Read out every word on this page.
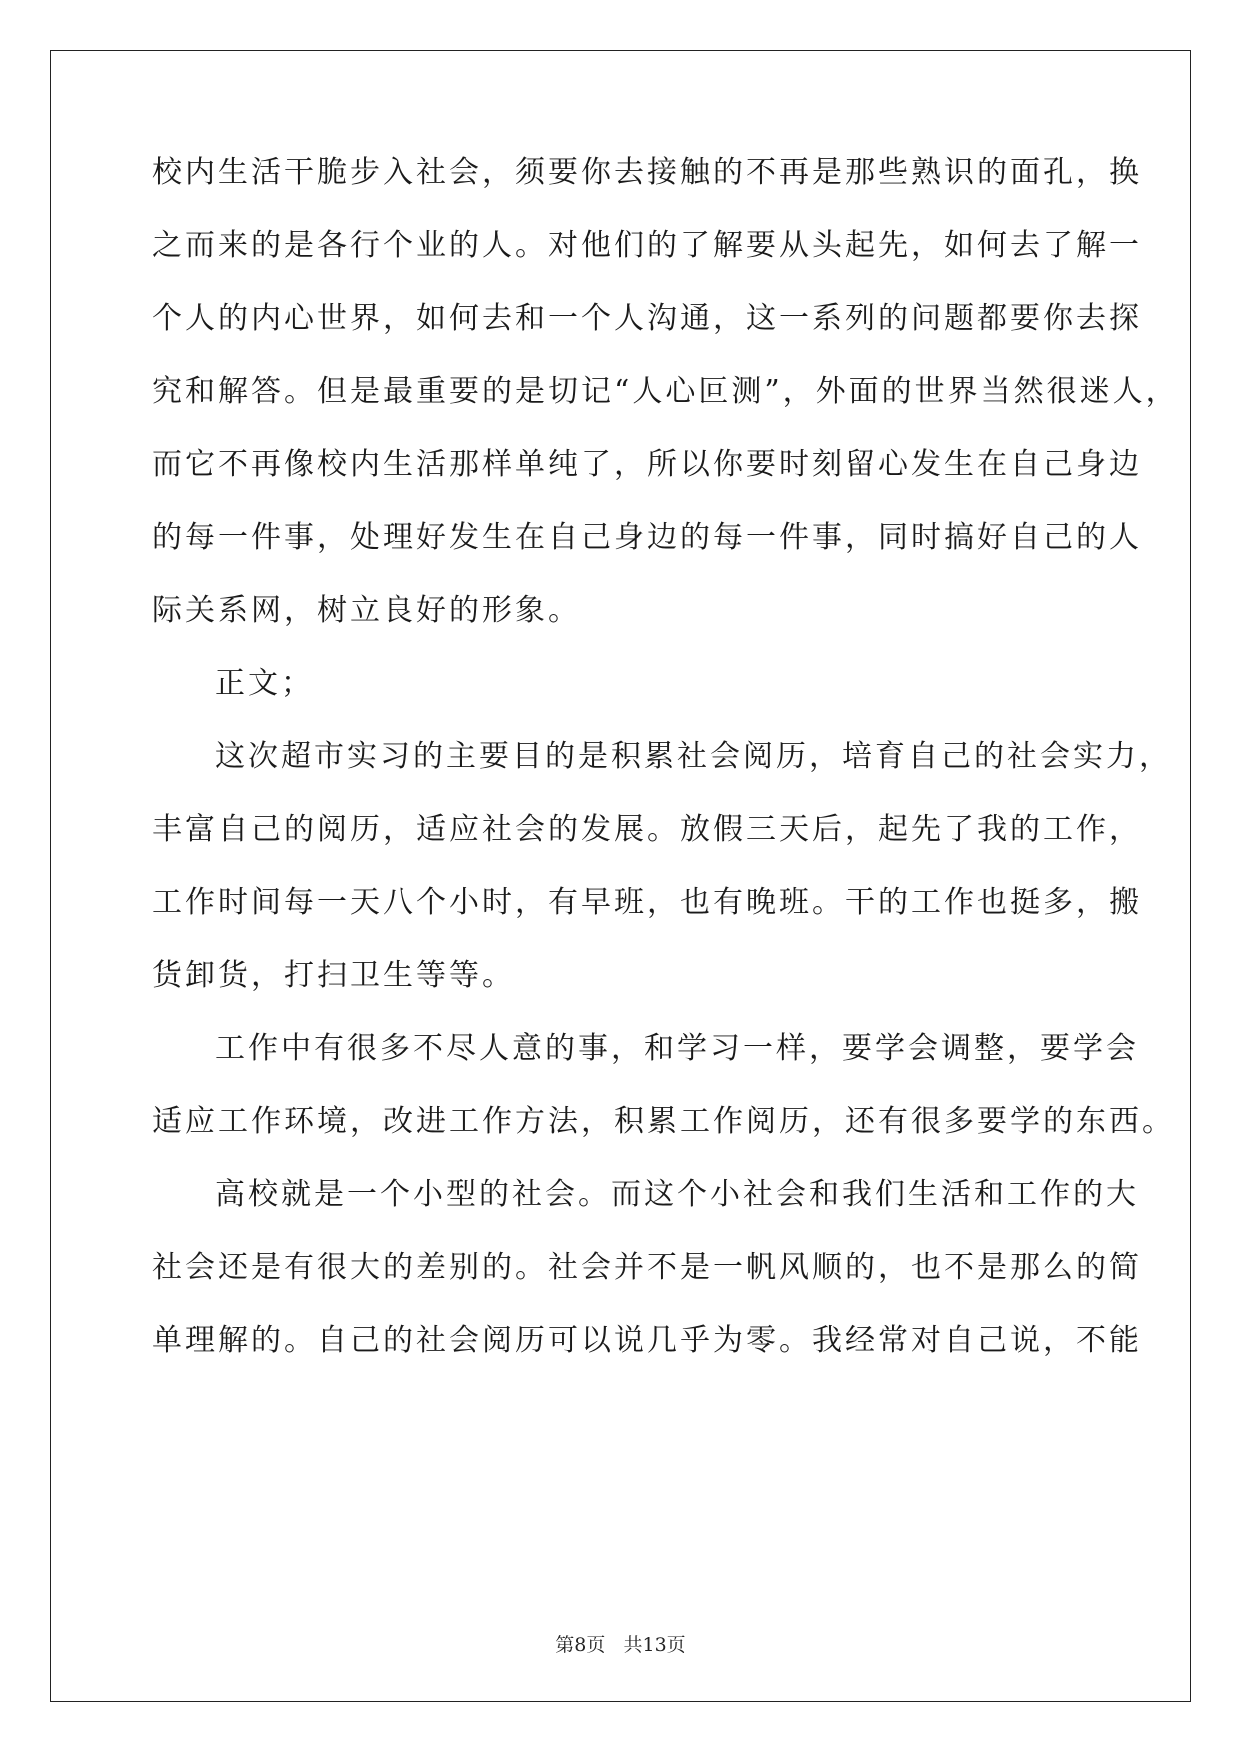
校内生活干脆步入社会，须要你去接触的不再是那些熟识的面孔，换
之而来的是各行个业的人。对他们的了解要从头起先，如何去了解一
个人的内心世界，如何去和一个人沟通，这一系列的问题都要你去探
究和解答。但是最重要的是切记“人心叵测”，外面的世界当然很迷人，
而它不再像校内生活那样单纯了，所以你要时刻留心发生在自己身边
的每一件事，处理好发生在自己身边的每一件事，同时搞好自己的人
际关系网，树立良好的形象。
正文；
这次超市实习的主要目的是积累社会阅历，培育自己的社会实力，
丰富自己的阅历，适应社会的发展。放假三天后，起先了我的工作，
工作时间每一天八个小时，有早班，也有晚班。干的工作也挺多，搬
货卸货，打扫卫生等等。
工作中有很多不尽人意的事，和学习一样，要学会调整，要学会
适应工作环境，改进工作方法，积累工作阅历，还有很多要学的东西。
高校就是一个小型的社会。而这个小社会和我们生活和工作的大
社会还是有很大的差别的。社会并不是一帆风顺的，也不是那么的简
单理解的。自己的社会阅历可以说几乎为零。我经常对自己说，不能
第8页   共13页
